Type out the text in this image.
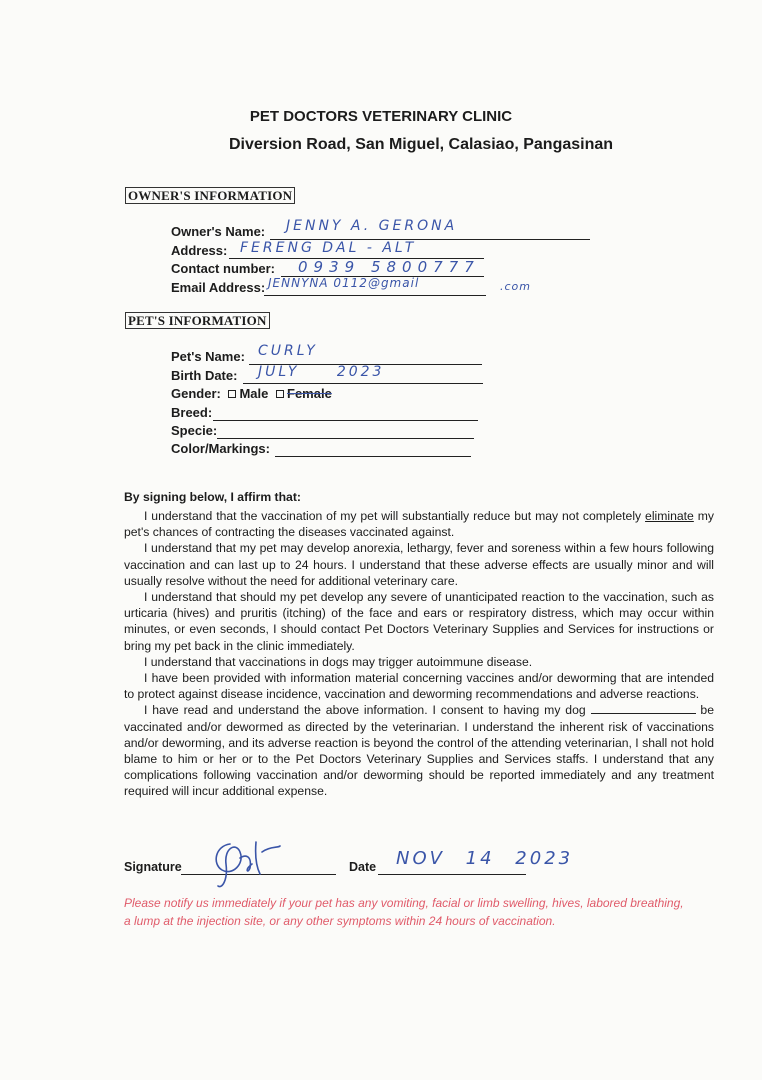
PET DOCTORS VETERINARY CLINIC
Diversion Road, San Miguel, Calasiao, Pangasinan
OWNER'S INFORMATION
Owner's Name: JENNY A. GERONA
Address: FERENG DAL - ALT
Contact number: 0939 5800777
Email Address: JENNYNA 0112@gmail	.com
PET'S INFORMATION
Pet's Name: CURLY
Birth Date: JULY 2023
Gender: Male Female
Breed:
Specie:
Color/Markings:
By signing below, I affirm that:

I understand that the vaccination of my pet will substantially reduce but may not completely eliminate my pet's chances of contracting the diseases vaccinated against.

I understand that my pet may develop anorexia, lethargy, fever and soreness within a few hours following vaccination and can last up to 24 hours. I understand that these adverse effects are usually minor and will usually resolve without the need for additional veterinary care.

I understand that should my pet develop any severe of unanticipated reaction to the vaccination, such as urticaria (hives) and pruritis (itching) of the face and ears or respiratory distress, which may occur within minutes, or even seconds, I should contact Pet Doctors Veterinary Supplies and Services for instructions or bring my pet back in the clinic immediately.

I understand that vaccinations in dogs may trigger autoimmune disease.

I have been provided with information material concerning vaccines and/or deworming that are intended to protect against disease incidence, vaccination and deworming recommendations and adverse reactions.

I have read and understand the above information. I consent to having my dog	be vaccinated and/or dewormed as directed by the veterinarian. I understand the inherent risk of vaccinations and/or deworming, and its adverse reaction is beyond the control of the attending veterinarian, I shall not hold blame to him or her or to the Pet Doctors Veterinary Supplies and Services staffs. I understand that any complications following vaccination and/or deworming should be reported immediately and any treatment required will incur additional expense.

Signature	Date NOV 14 2023
Please notify us immediately if your pet has any vomiting, facial or limb swelling, hives, labored breathing, a lump at the injection site, or any other symptoms within 24 hours of vaccination.
